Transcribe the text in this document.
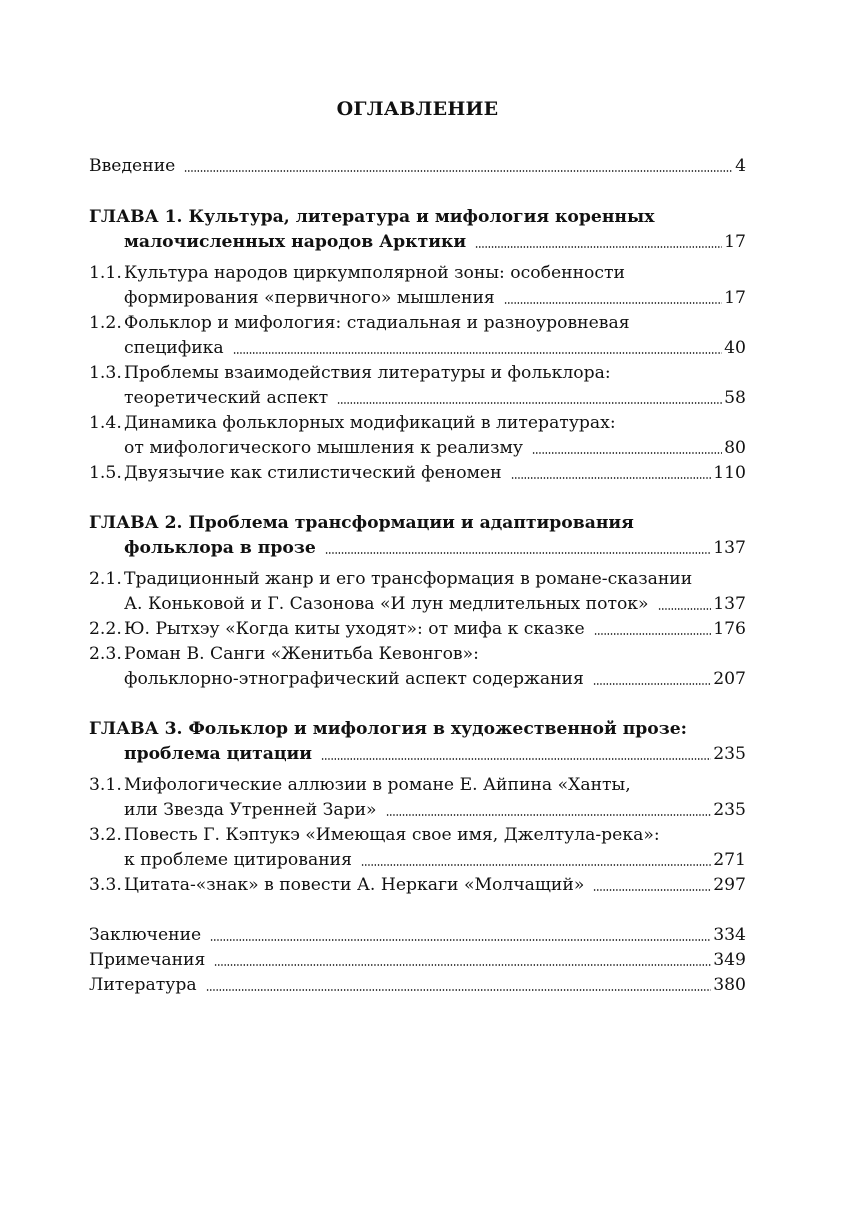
ОГЛАВЛЕНИЕ
Введение	4
ГЛАВА 1. Культура, литература и мифология коренных
малочисленных народов Арктики	17
1.1. Культура народов циркумполярной зоны: особенности
формирования «первичного» мышления	17
1.2. Фольклор и мифология: стадиальная и разноуровневая
специфика	40
1.3. Проблемы взаимодействия литературы и фольклора:
теоретический аспект	58
1.4. Динамика фольклорных модификаций в литературах:
от мифологического мышления к реализму	80
1.5. Двуязычие как стилистический феномен	110
ГЛАВА 2. Проблема трансформации и адаптирования
фольклора в прозе	137
2.1. Традиционный жанр и его трансформация в романе-сказании
А. Коньковой и Г. Сазонова «И лун медлительных поток»	137
2.2. Ю. Рытхэу «Когда киты уходят»: от мифа к сказке	176
2.3. Роман В. Санги «Женитьба Кевонгов»:
фольклорно-этнографический аспект содержания	207
ГЛАВА 3. Фольклор и мифология в художественной прозе:
проблема цитации	235
3.1. Мифологические аллюзии в романе Е. Айпина «Ханты,
или Звезда Утренней Зари»	235
3.2. Повесть Г. Кэптукэ «Имеющая свое имя, Джелтула-река»:
к проблеме цитирования	271
3.3. Цитата-«знак» в повести А. Неркаги «Молчащий»	297
Заключение	334
Примечания	349
Литература	380
